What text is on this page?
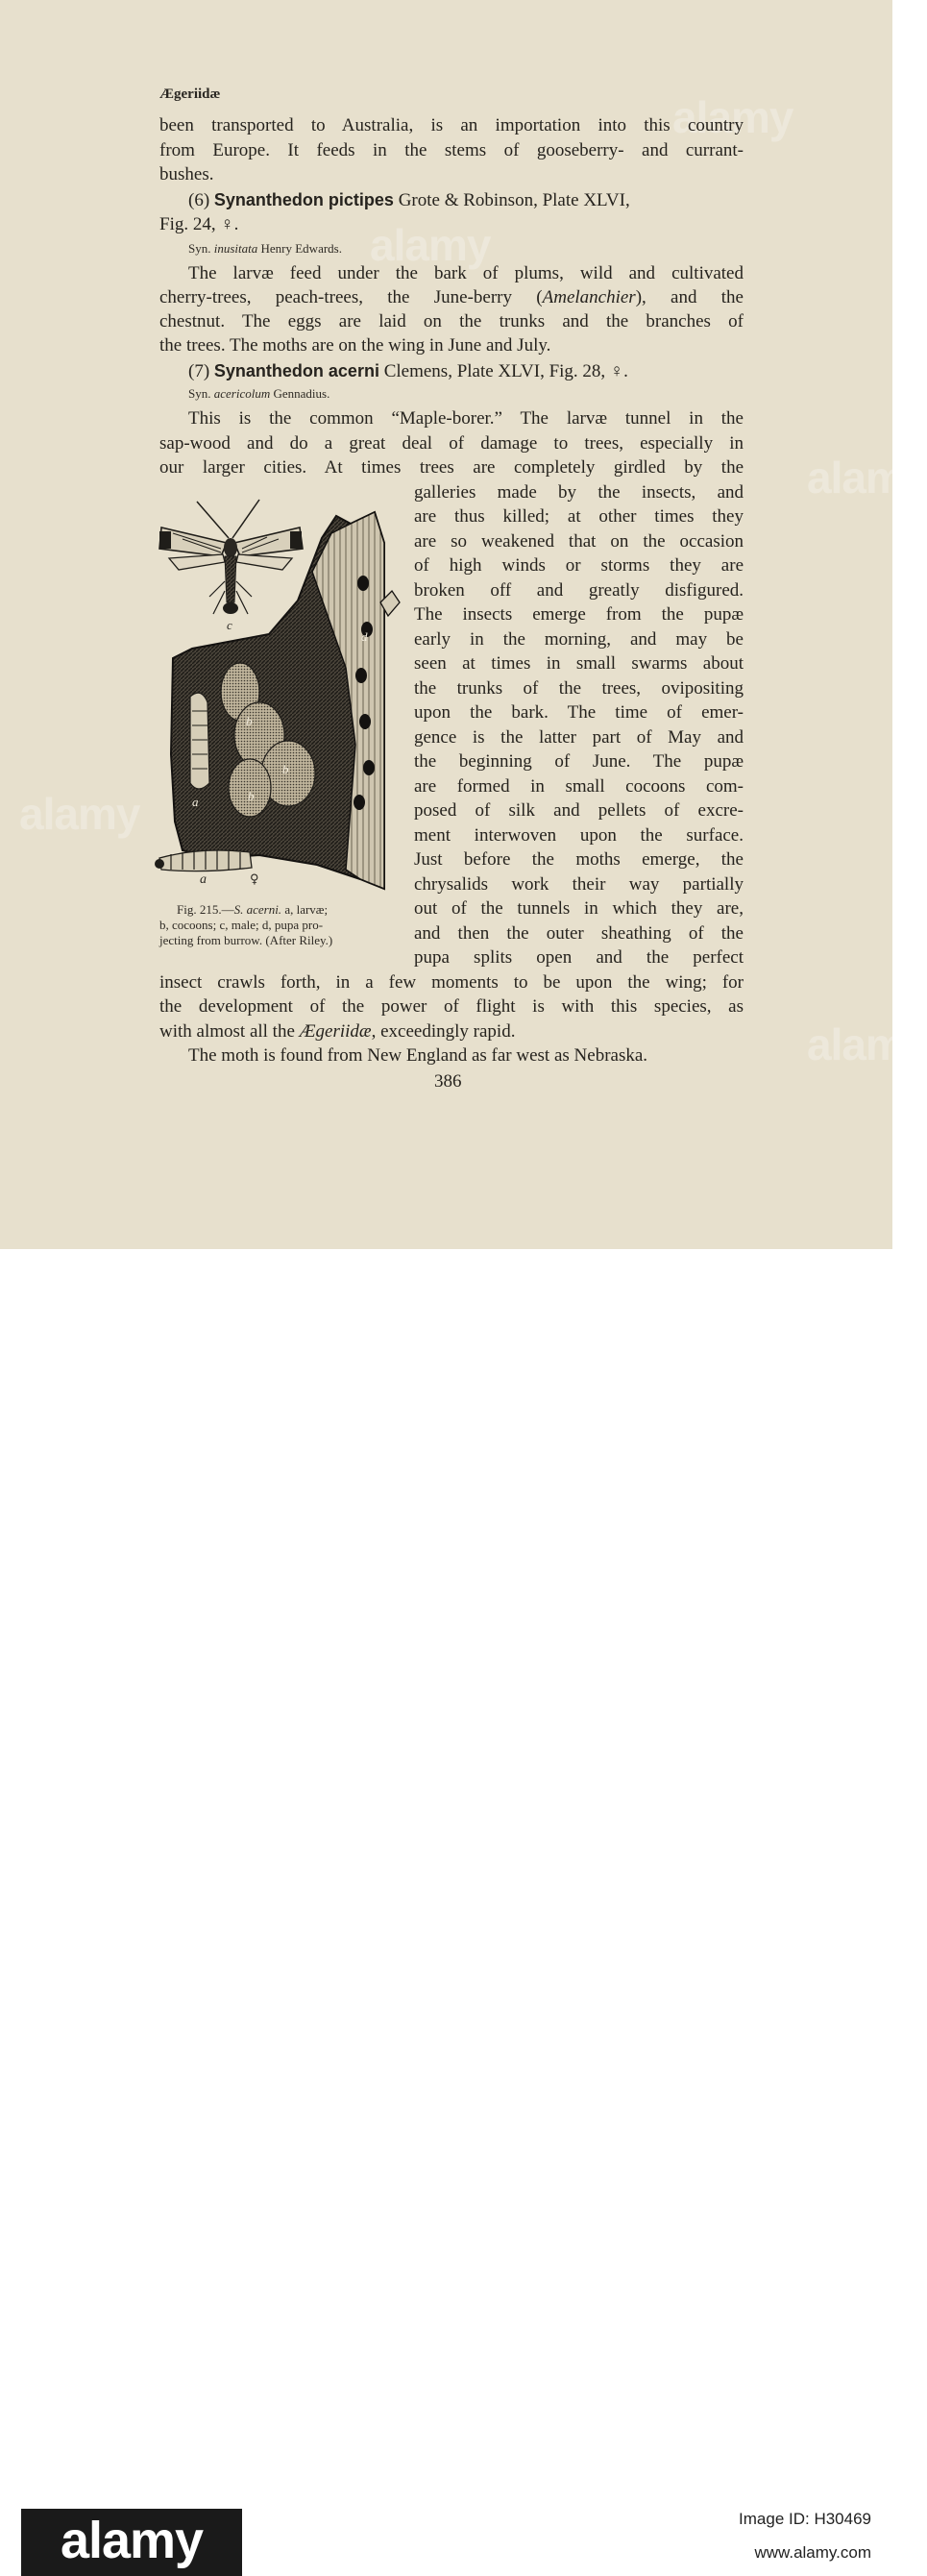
alamy
alamy
alamy
alamy
alamy
Ægeriidæ
been transported to Australia, is an importation into this country
from Europe. It feeds in the stems of gooseberry- and currant-
bushes.
(6) Synanthedon pictipes Grote & Robinson, Plate XLVI,
Fig. 24, ♀.
Syn. inusitata Henry Edwards.
The larvæ feed under the bark of plums, wild and cultivated
cherry-trees, peach-trees, the June-berry (Amelanchier), and the
chestnut. The eggs are laid on the trunks and the branches of
the trees. The moths are on the wing in June and July.
(7) Synanthedon acerni Clemens, Plate XLVI, Fig. 28, ♀.
Syn. acericolum Gennadius.
This is the common “Maple-borer.” The larvæ tunnel in the
sap-wood and do a great deal of damage to trees, especially in
our larger cities. At times trees are completely girdled by the
galleries made by the insects, and
are thus killed; at other times they
are so weakened that on the occasion
of high winds or storms they are
broken off and greatly disfigured.
The insects emerge from the pupæ
early in the morning, and may be
seen at times in small swarms about
the trunks of the trees, ovipositing
upon the bark. The time of emer-
gence is the latter part of May and
the beginning of June. The pupæ
are formed in small cocoons com-
posed of silk and pellets of excre-
ment interwoven upon the surface.
Just before the moths emerge, the
chrysalids work their way partially
out of the tunnels in which they are,
and then the outer sheathing of the
pupa splits open and the perfect
insect crawls forth, in a few moments to be upon the wing; for
the development of the power of flight is with this species, as
with almost all the Ægeriidæ, exceedingly rapid.
The moth is found from New England as far west as Nebraska.
c
d
b
b
b
a
a	♀
Fig. 215.—S. acerni. a, larvæ;
b, cocoons; c, male; d, pupa pro-
jecting from burrow. (After Riley.)
386
alamy	Image ID: H30469
www.alamy.com
